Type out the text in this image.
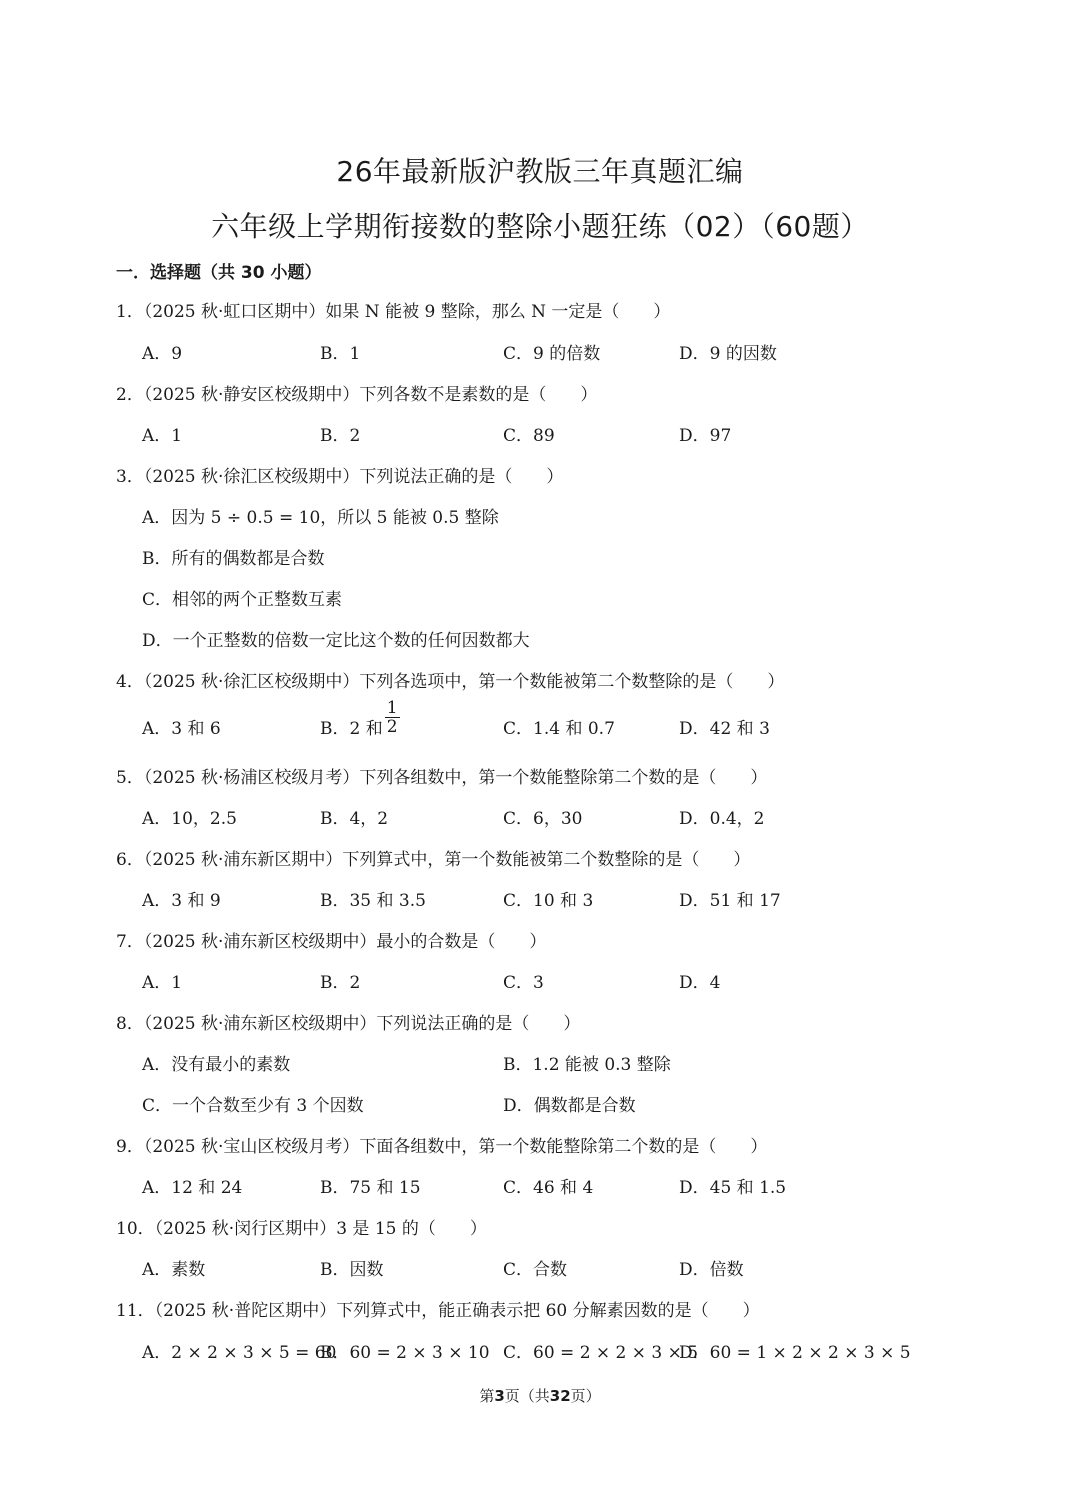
26年最新版沪教版三年真题汇编
六年级上学期衔接数的整除小题狂练（02）（60题）
一．选择题（共 30 小题）
1．（2025 秋·虹口区期中）如果 N 能被 9 整除，那么 N 一定是（　　）
A．9	B．1	C．9 的倍数	D．9 的因数
2．（2025 秋·静安区校级期中）下列各数不是素数的是（　　）
A．1	B．2	C．89	D．97
3．（2025 秋·徐汇区校级期中）下列说法正确的是（　　）
A．因为 5 ÷ 0.5 = 10，所以 5 能被 0.5 整除
B．所有的偶数都是合数
C．相邻的两个正整数互素
D．一个正整数的倍数一定比这个数的任何因数都大
4．（2025 秋·徐汇区校级期中）下列各选项中，第一个数能被第二个数整除的是（　　）
A．3 和 6	B．2 和 $\frac{1}{2}$	C．1.4 和 0.7	D．42 和 3
5．（2025 秋·杨浦区校级月考）下列各组数中，第一个数能整除第二个数的是（　　）
A．10，2.5	B．4，2	C．6，30	D．0.4，2
6．（2025 秋·浦东新区期中）下列算式中，第一个数能被第二个数整除的是（　　）
A．3 和 9	B．35 和 3.5	C．10 和 3	D．51 和 17
7．（2025 秋·浦东新区校级期中）最小的合数是（　　）
A．1	B．2	C．3	D．4
8．（2025 秋·浦东新区校级期中）下列说法正确的是（　　）
A．没有最小的素数	B．1.2 能被 0.3 整除
C．一个合数至少有 3 个因数	D．偶数都是合数
9．（2025 秋·宝山区校级月考）下面各组数中，第一个数能整除第二个数的是（　　）
A．12 和 24	B．75 和 15	C．46 和 4	D．45 和 1.5
10．（2025 秋·闵行区期中）3 是 15 的（　　）
A．素数	B．因数	C．合数	D．倍数
11．（2025 秋·普陀区期中）下列算式中，能正确表示把 60 分解素因数的是（　　）
A．2 × 2 × 3 × 5 = 60
B．60 = 2 × 3 × 10 C．60 = 2 × 2 × 3 × 5
D．60 = 1 × 2 × 2 × 3 × 5
第3页（共32页）
